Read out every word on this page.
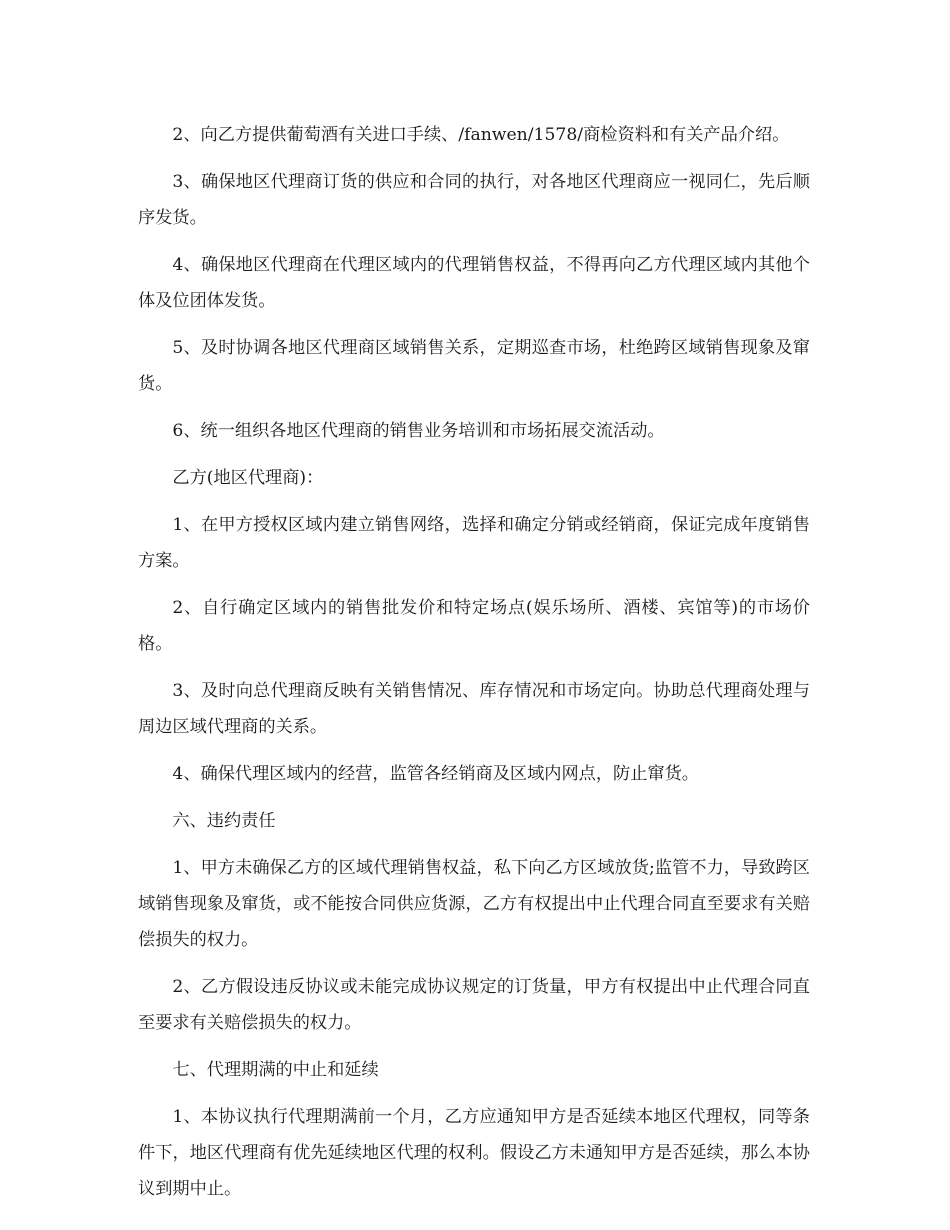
2、向乙方提供葡萄酒有关进口手续、/fanwen/1578/商检资料和有关产品介绍。

3、确保地区代理商订货的供应和合同的执行，对各地区代理商应一视同仁，先后顺序发货。

4、确保地区代理商在代理区域内的代理销售权益，不得再向乙方代理区域内其他个体及位团体发货。

5、及时协调各地区代理商区域销售关系，定期巡查市场，杜绝跨区域销售现象及窜货。

6、统一组织各地区代理商的销售业务培训和市场拓展交流活动。

乙方(地区代理商)：

1、在甲方授权区域内建立销售网络，选择和确定分销或经销商，保证完成年度销售方案。

2、自行确定区域内的销售批发价和特定场点(娱乐场所、酒楼、宾馆等)的市场价格。

3、及时向总代理商反映有关销售情况、库存情况和市场定向。协助总代理商处理与周边区域代理商的关系。

4、确保代理区域内的经营，监管各经销商及区域内网点，防止窜货。

六、违约责任

1、甲方未确保乙方的区域代理销售权益，私下向乙方区域放货;监管不力，导致跨区域销售现象及窜货，或不能按合同供应货源，乙方有权提出中止代理合同直至要求有关赔偿损失的权力。

2、乙方假设违反协议或未能完成协议规定的订货量，甲方有权提出中止代理合同直至要求有关赔偿损失的权力。

七、代理期满的中止和延续

1、本协议执行代理期满前一个月，乙方应通知甲方是否延续本地区代理权，同等条件下，地区代理商有优先延续地区代理的权利。假设乙方未通知甲方是否延续，那么本协议到期中止。
